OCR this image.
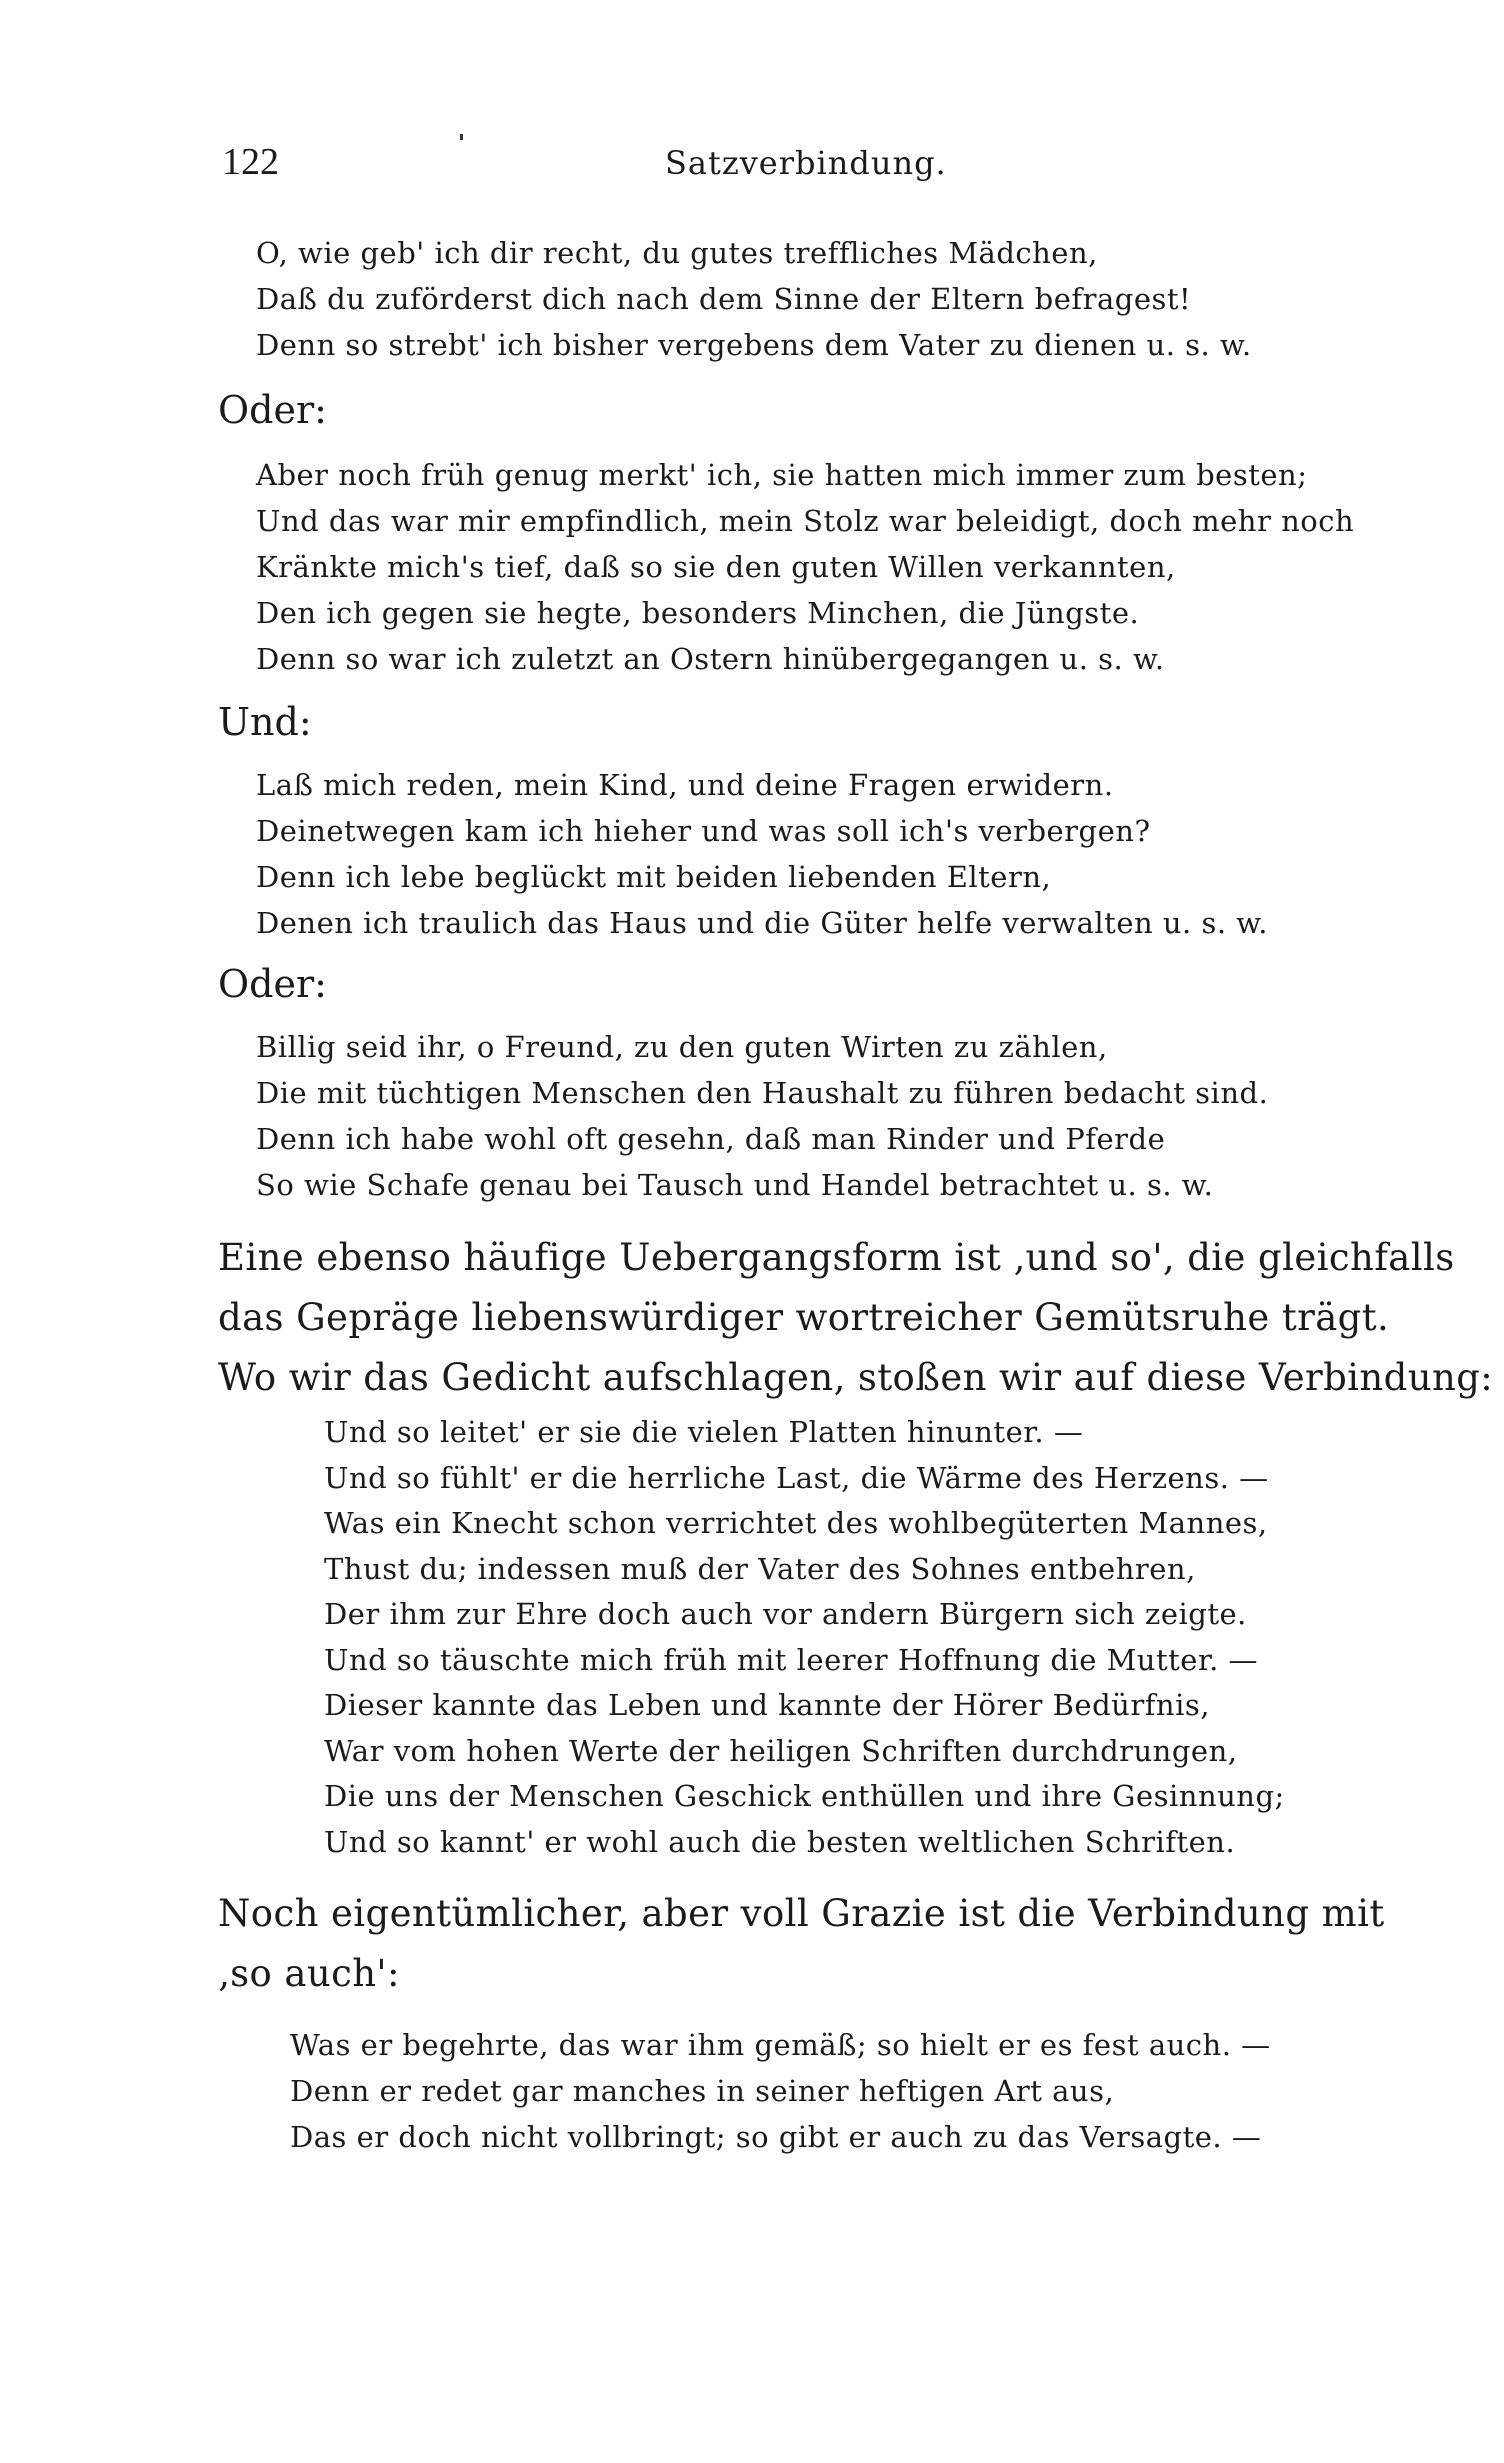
122	Satzverbindung.
O, wie geb' ich dir recht, du gutes treffliches Mädchen,
Daß du zuförderst dich nach dem Sinne der Eltern befragest!
Denn so strebt' ich bisher vergebens dem Vater zu dienen u. s. w.
Oder:
Aber noch früh genug merkt' ich, sie hatten mich immer zum besten;
Und das war mir empfindlich, mein Stolz war beleidigt, doch mehr noch
Kränkte mich's tief, daß so sie den guten Willen verkannten,
Den ich gegen sie hegte, besonders Minchen, die Jüngste.
Denn so war ich zuletzt an Ostern hinübergegangen u. s. w.
Und:
Laß mich reden, mein Kind, und deine Fragen erwidern.
Deinetwegen kam ich hieher und was soll ich's verbergen?
Denn ich lebe beglückt mit beiden liebenden Eltern,
Denen ich traulich das Haus und die Güter helfe verwalten u. s. w.
Oder:
Billig seid ihr, o Freund, zu den guten Wirten zu zählen,
Die mit tüchtigen Menschen den Haushalt zu führen bedacht sind.
Denn ich habe wohl oft gesehn, daß man Rinder und Pferde
So wie Schafe genau bei Tausch und Handel betrachtet u. s. w.

Eine ebenso häufige Uebergangsform ist ‚und so', die gleichfalls
das Gepräge liebenswürdiger wortreicher Gemütsruhe trägt.
Wo wir das Gedicht aufschlagen, stoßen wir auf diese Verbindung:

Und so leitet' er sie die vielen Platten hinunter. —
Und so fühlt' er die herrliche Last, die Wärme des Herzens. —
Was ein Knecht schon verrichtet des wohlbegüterten Mannes,
Thust du; indessen muß der Vater des Sohnes entbehren,
Der ihm zur Ehre doch auch vor andern Bürgern sich zeigte.
Und so täuschte mich früh mit leerer Hoffnung die Mutter. —
Dieser kannte das Leben und kannte der Hörer Bedürfnis,
War vom hohen Werte der heiligen Schriften durchdrungen,
Die uns der Menschen Geschick enthüllen und ihre Gesinnung;
Und so kannt' er wohl auch die besten weltlichen Schriften.

Noch eigentümlicher, aber voll Grazie ist die Verbindung mit
‚so auch':

Was er begehrte, das war ihm gemäß; so hielt er es fest auch. —
Denn er redet gar manches in seiner heftigen Art aus,
Das er doch nicht vollbringt; so gibt er auch zu das Versagte. —
